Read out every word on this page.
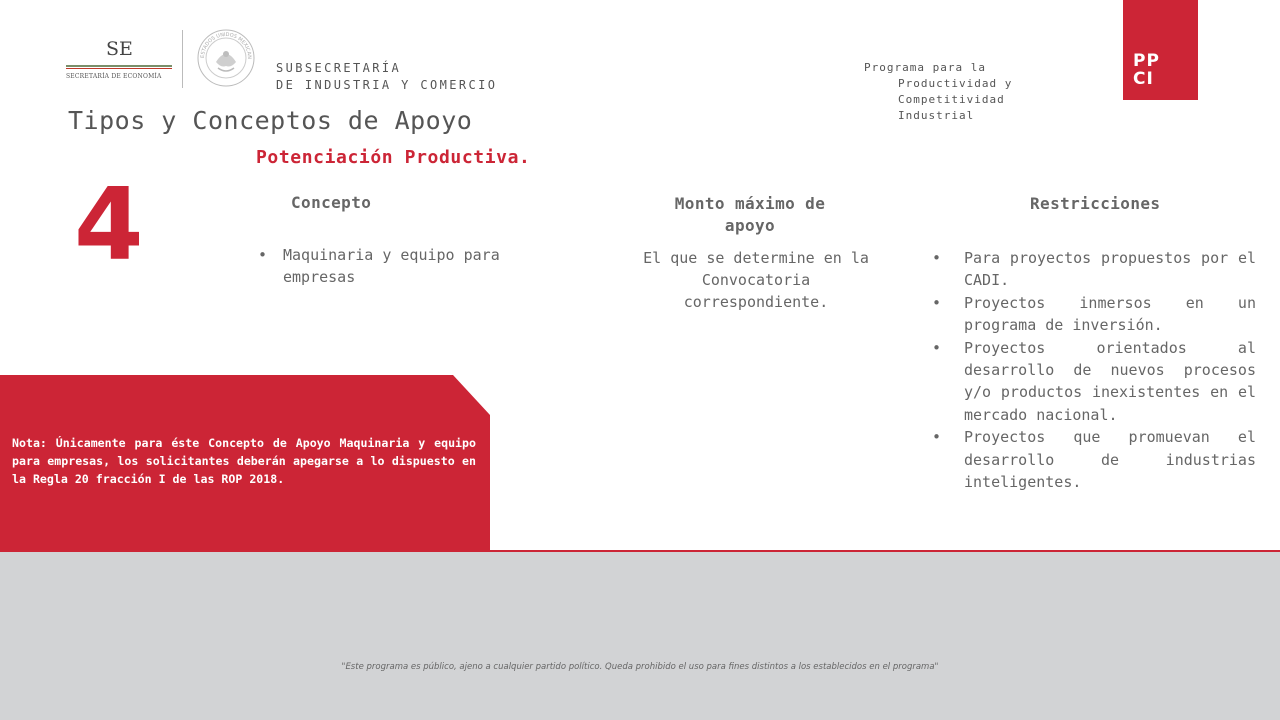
SE
SECRETARÍA DE ECONOMÍA
ESTADOS UNIDOS MEXICAN
SUBSECRETARÍA
DE INDUSTRIA Y COMERCIO
Programa para la
Productividad y
Competitividad
Industrial
PP
CI
Tipos y Conceptos de Apoyo
Potenciación Productiva.
4	Concepto	Monto máximo de apoyo
Restricciones
• Maquinaria y equipo para empresas
El que se determine en la Convocatoria correspondiente.
• Para proyectos propuestos por el CADI.
• Proyectos inmersos en un programa de inversión.
• Proyectos orientados al desarrollo de nuevos procesos y/o productos inexistentes en el mercado nacional.
• Proyectos que promuevan el desarrollo de industrias inteligentes.
Nota: Únicamente para éste Concepto de Apoyo Maquinaria y equipo para empresas, los solicitantes deberán apegarse a lo dispuesto en la Regla 20 fracción I de las ROP 2018.
"Este programa es público, ajeno a cualquier partido político. Queda prohibido el uso para fines distintos a los establecidos en el programa"
